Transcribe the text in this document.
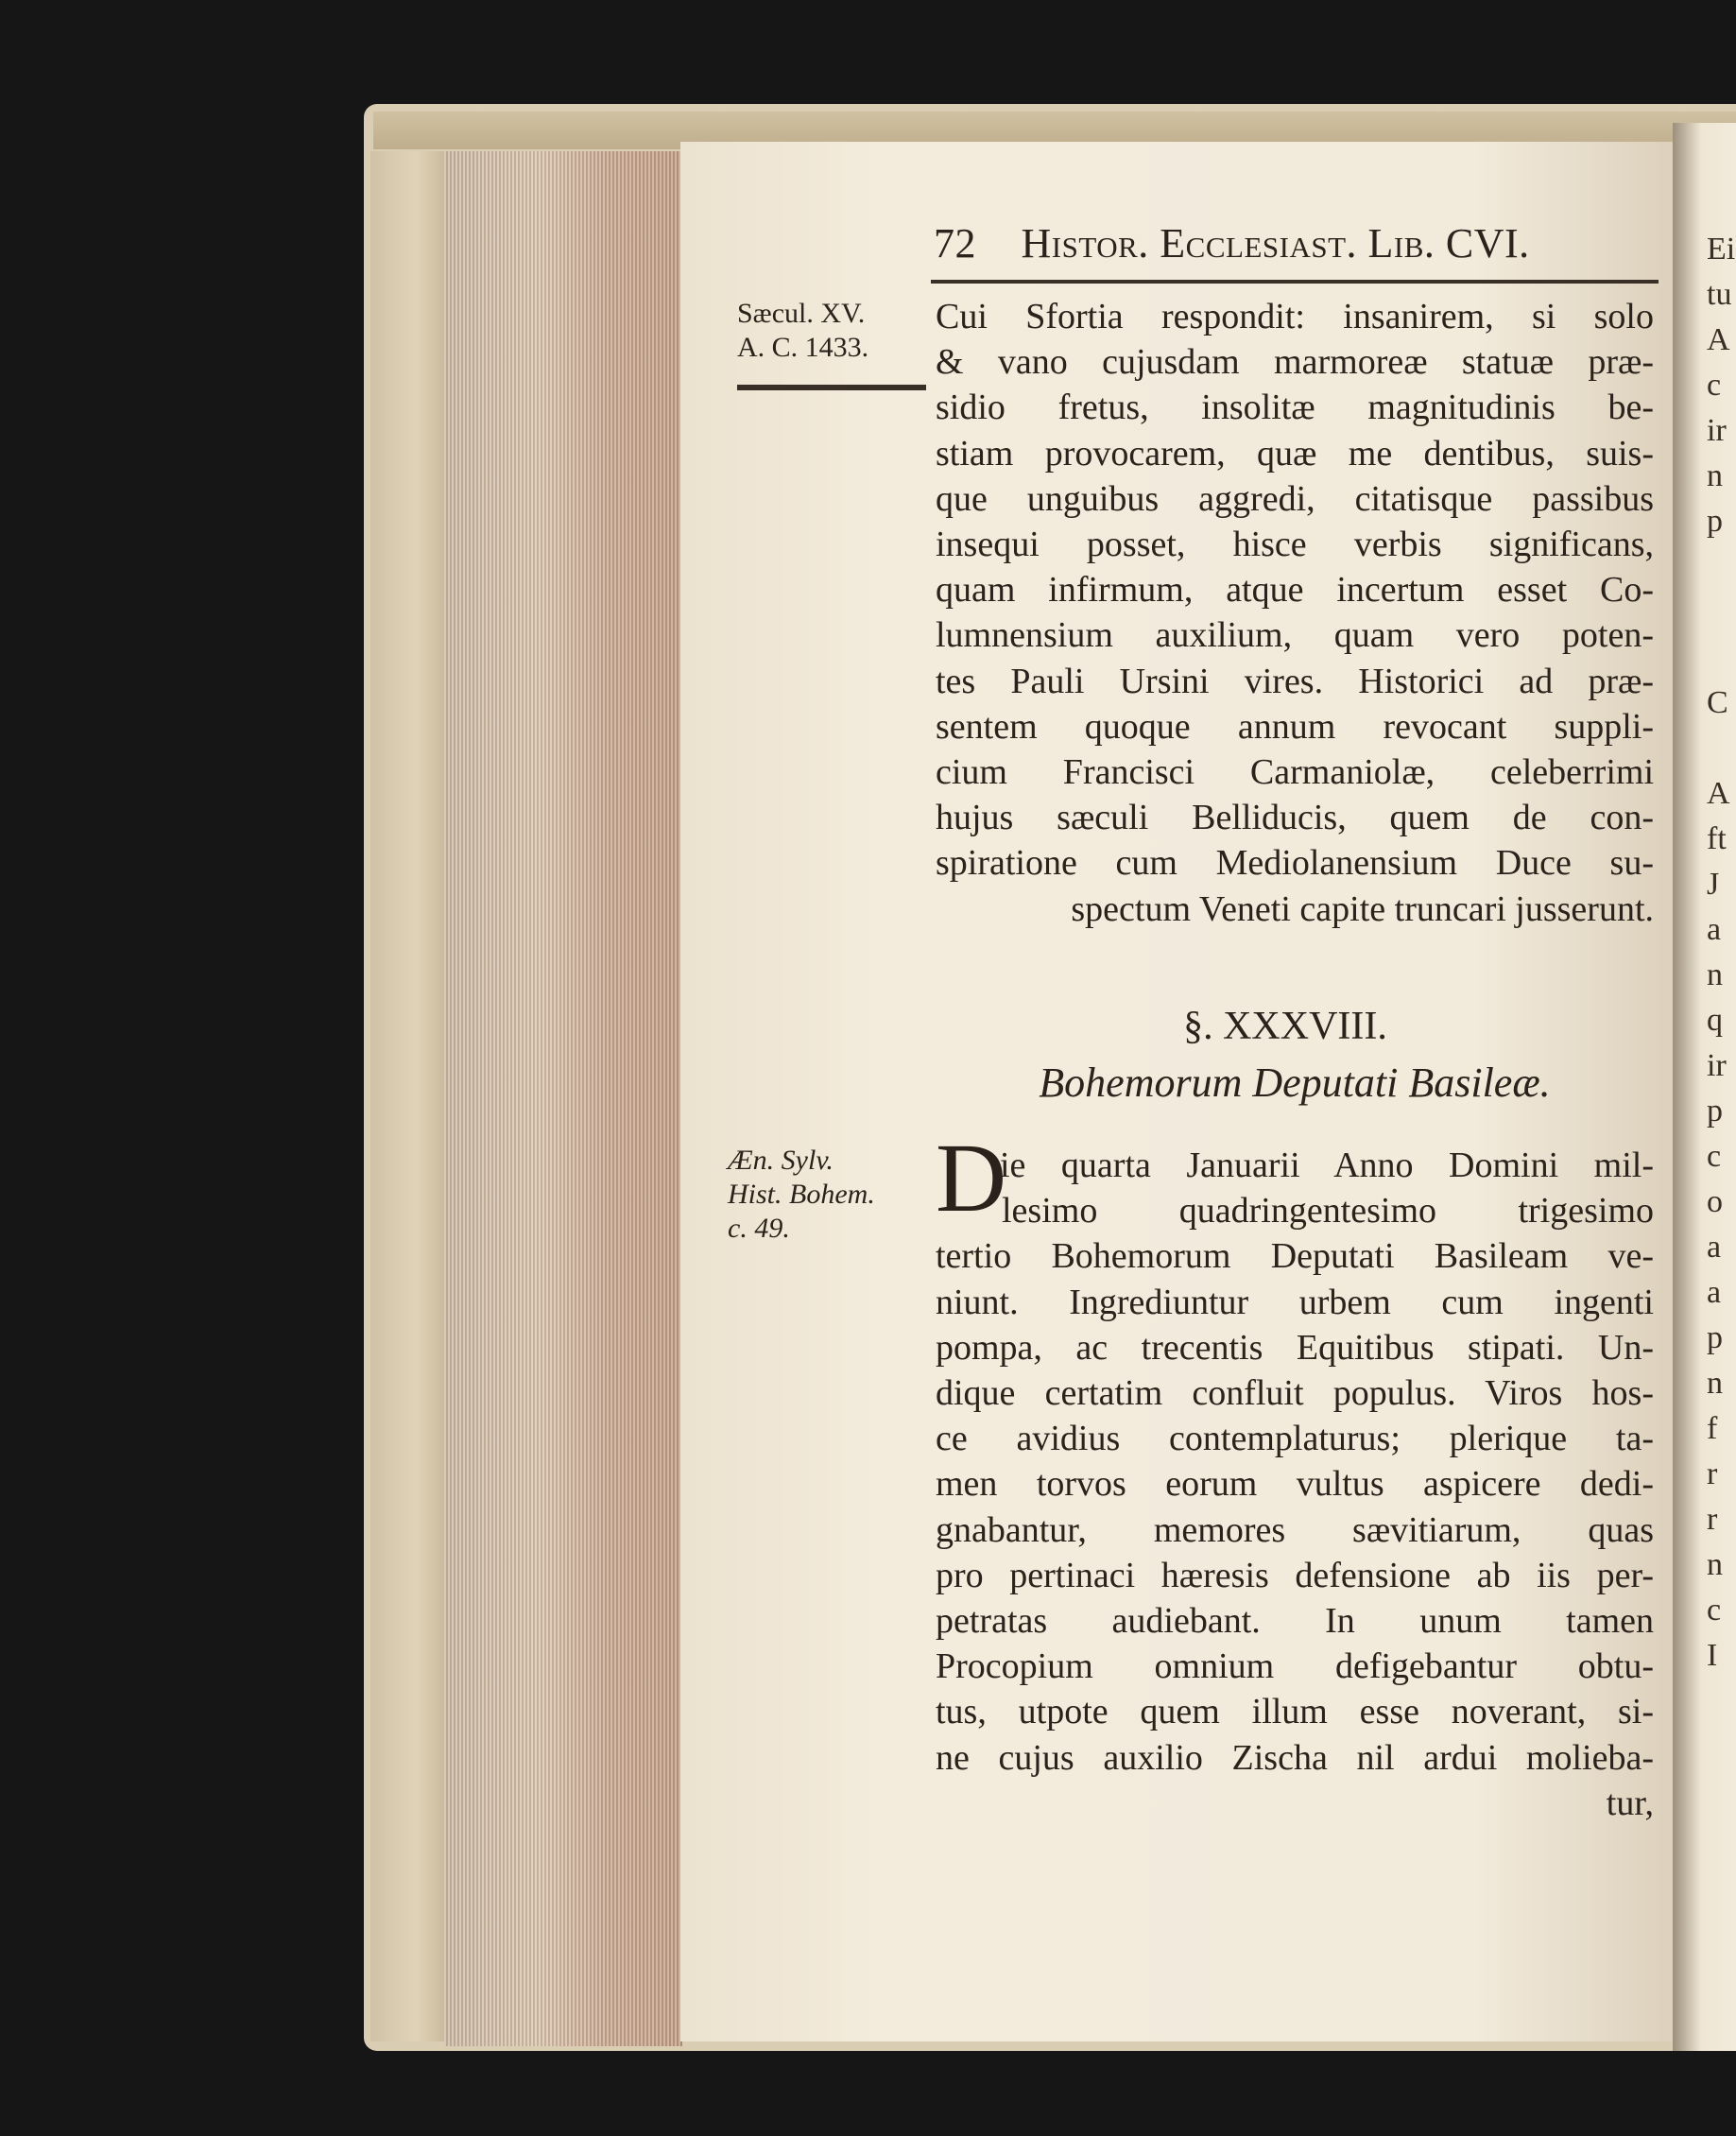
Ei
tu
A
c
ir
n
p
C
A
ft
J
a
n
q
ir
p
c
o
a
a
p
n
f
r
r
n
c
I
72 Histor. Ecclesiast. Lib. CVI.
Sæcul. XV.
A. C. 1433.
Æn. Sylv.
Hist. Bohem.
c. 49.
Cui Sfortia respondit: insanirem, si solo
& vano cujusdam marmoreæ statuæ præ-
sidio fretus, insolitæ magnitudinis be-
stiam provocarem, quæ me dentibus, suis-
que unguibus aggredi, citatisque passibus
insequi posset, hisce verbis significans,
quam infirmum, atque incertum esset Co-
lumnensium auxilium, quam vero poten-
tes Pauli Ursini vires. Historici ad præ-
sentem quoque annum revocant suppli-
cium Francisci Carmaniolæ, celeberrimi
hujus sæculi Belliducis, quem de con-
spiratione cum Mediolanensium Duce su-
spectum Veneti capite truncari jusserunt.
§. XXXVIII.
Bohemorum Deputati Basileæ.
D
ie quarta Januarii Anno Domini mil-
lesimo quadringentesimo trigesimo
tertio Bohemorum Deputati Basileam ve-
niunt. Ingrediuntur urbem cum ingenti
pompa, ac trecentis Equitibus stipati. Un-
dique certatim confluit populus. Viros hos-
ce avidius contemplaturus; plerique ta-
men torvos eorum vultus aspicere dedi-
gnabantur, memores sævitiarum, quas
pro pertinaci hæresis defensione ab iis per-
petratas audiebant. In unum tamen
Procopium omnium defigebantur obtu-
tus, utpote quem illum esse noverant, si-
ne cujus auxilio Zischa nil ardui molieba-
tur,
